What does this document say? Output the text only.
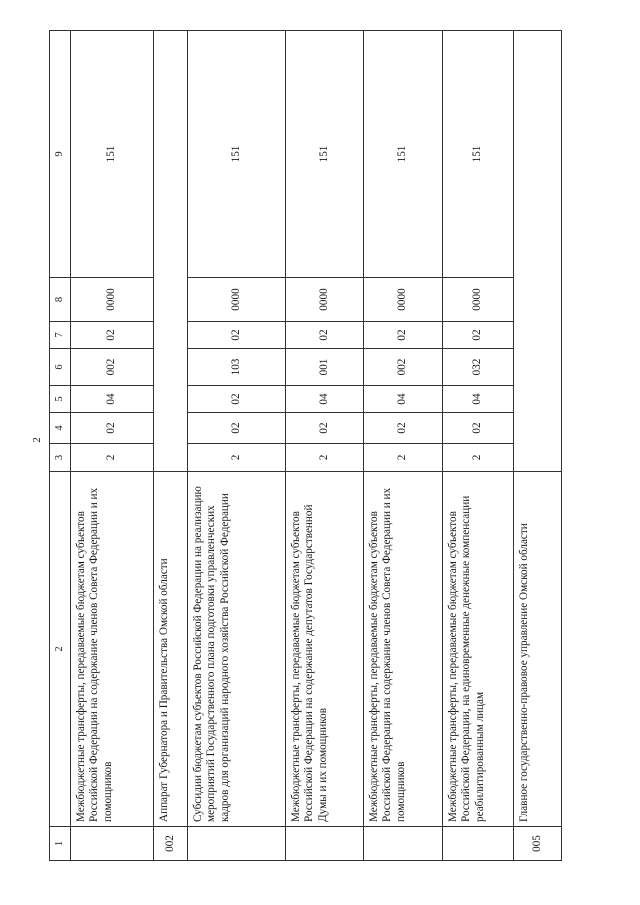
2
1	2	3	4	5	6	7	8	9
	Межбюджетные трансферты, передаваемые бюджетам субъектов Российской Федерации на содержание членов Совета Федерации и их помощников	2	02	04	002	02	0000	151
002	Аппарат Губернатора и Правительства Омской области							
	Субсидии бюджетам субъектов Российской Федерации на реализацию мероприятий Государственного плана подготовки управленческих кадров для организаций народного хозяйства Российской Федерации	2	02	02	103	02	0000	151
	Межбюджетные трансферты, передаваемые бюджетам субъектов Российской Федерации на содержание депутатов Государственной Думы и их помощников	2	02	04	001	02	0000	151
	Межбюджетные трансферты, передаваемые бюджетам субъектов Российской Федерации на содержание членов Совета Федерации и их помощников	2	02	04	002	02	0000	151
	Межбюджетные трансферты, передаваемые бюджетам субъектов Российской Федерации, на единовременные денежные компенсации реабилитированным лицам	2	02	04	032	02	0000	151
005	Главное государственно-правовое управление Омской области							
